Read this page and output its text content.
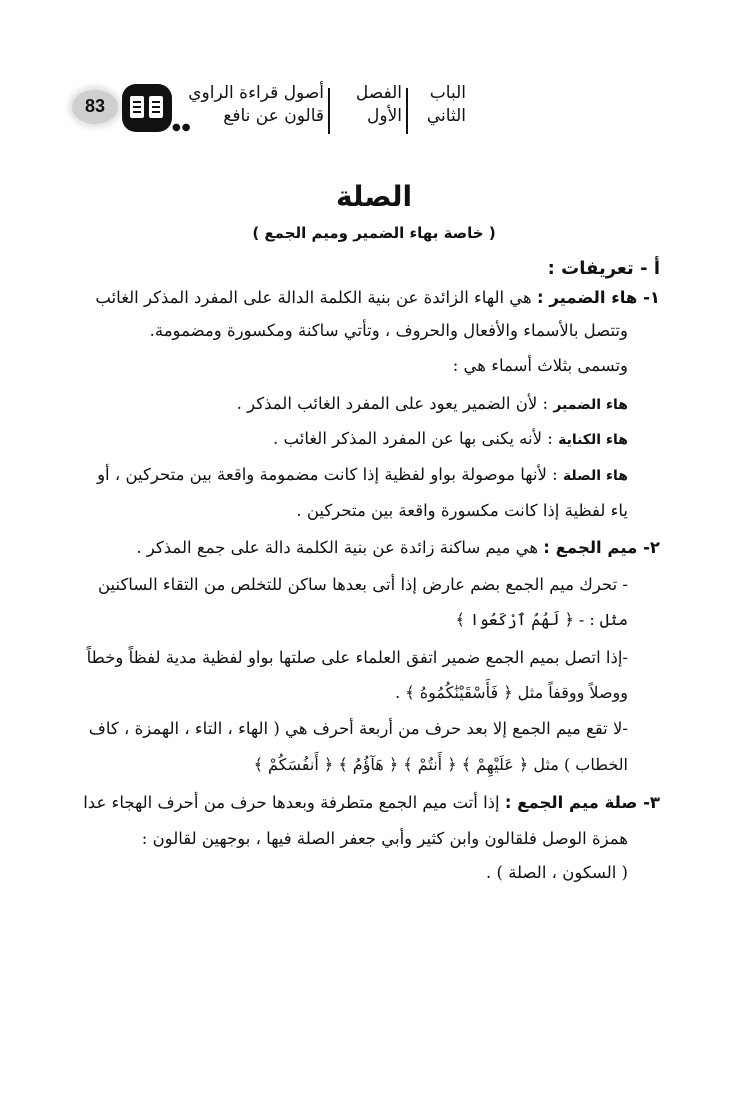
83
●●
أصول قراءة الراوي
قالون عن نافع
الفصل
الأول
الباب
الثاني
الصلة
( خاصة بهاء الضمير وميم الجمع )
أ - تعريفات :
١- هاء الضمير : هي الهاء الزائدة عن بنية الكلمة الدالة على المفرد المذكر الغائب
وتتصل بالأسماء والأفعال والحروف ، وتأتي ساكنة ومكسورة ومضمومة.
وتسمى بثلاث أسماء هي :
هاء الضمير : لأن الضمير يعود على المفرد الغائب المذكر .
هاء الكناية : لأنه يكنى بها عن المفرد المذكر الغائب .
هاء الصلة : لأنها موصولة بواو لفظية إذا كانت مضمومة واقعة بين متحركين ، أو
ياء لفظية إذا كانت مكسورة واقعة بين متحركين .
٢- ميم الجمع : هي ميم ساكنة زائدة عن بنية الكلمة دالة على جمع المذكر .
- تحرك ميم الجمع بضم عارض إذا أتى بعدها ساكن للتخلص من التقاء الساكنين
مثل : - ﴿ لَهُمُ ٱرْكَعُوا ﴾
-إذا اتصل بميم الجمع ضمير اتفق العلماء على صلتها بواو لفظية مدية لفظاً وخطاً
ووصلاً ووقفاً مثل ﴿ فَأَسْقَيْنَٰكُمُوهُ ﴾ .
-لا تقع ميم الجمع إلا بعد حرف من أربعة أحرف هي ( الهاء ، التاء ، الهمزة ، كاف
الخطاب ) مثل ﴿ عَلَيْهِمْ ﴾ ﴿ أَنتُمْ ﴾ ﴿ هَآؤُمُ ﴾ ﴿ أَنفُسَكُمْ ﴾
٣- صلة ميم الجمع : إذا أتت ميم الجمع متطرفة وبعدها حرف من أحرف الهجاء عدا
همزة الوصل فلقالون وابن كثير وأبي جعفر الصلة فيها ، بوجهين لقالون :
( السكون ، الصلة ) .
